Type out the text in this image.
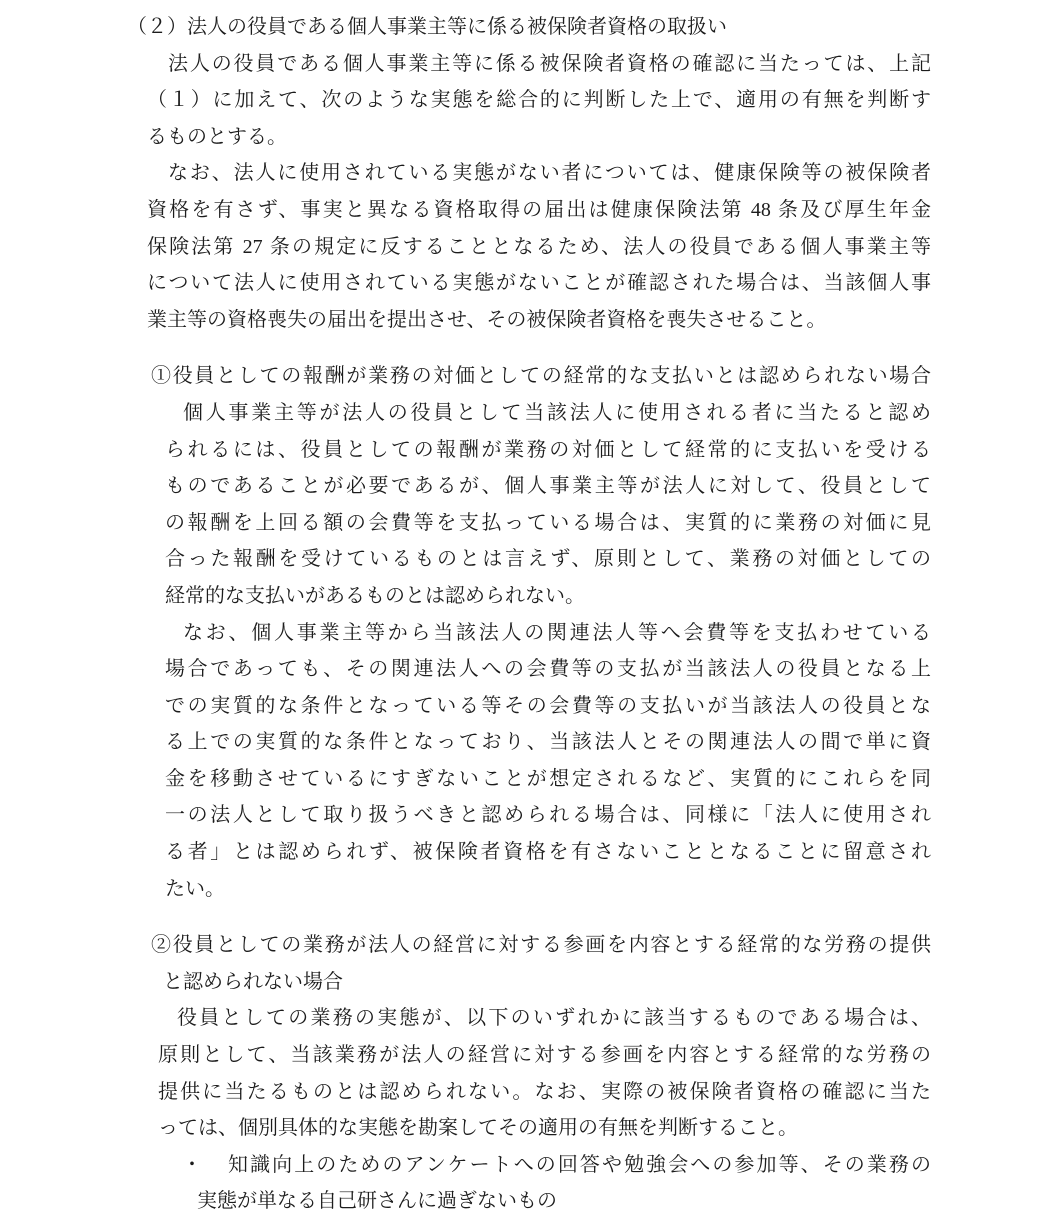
（２）法人の役員である個人事業主等に係る被保険者資格の取扱い
法人の役員である個人事業主等に係る被保険者資格の確認に当たっては、上記
（１）に加えて、次のような実態を総合的に判断した上で、適用の有無を判断す
るものとする。
なお、法人に使用されている実態がない者については、健康保険等の被保険者
資格を有さず、事実と異なる資格取得の届出は健康保険法第 48 条及び厚生年金
保険法第 27 条の規定に反することとなるため、法人の役員である個人事業主等
について法人に使用されている実態がないことが確認された場合は、当該個人事
業主等の資格喪失の届出を提出させ、その被保険者資格を喪失させること。
①役員としての報酬が業務の対価としての経常的な支払いとは認められない場合
個人事業主等が法人の役員として当該法人に使用される者に当たると認め
られるには、役員としての報酬が業務の対価として経常的に支払いを受ける
ものであることが必要であるが、個人事業主等が法人に対して、役員として
の報酬を上回る額の会費等を支払っている場合は、実質的に業務の対価に見
合った報酬を受けているものとは言えず、原則として、業務の対価としての
経常的な支払いがあるものとは認められない。
なお、個人事業主等から当該法人の関連法人等へ会費等を支払わせている
場合であっても、その関連法人への会費等の支払が当該法人の役員となる上
での実質的な条件となっている等その会費等の支払いが当該法人の役員とな
る上での実質的な条件となっており、当該法人とその関連法人の間で単に資
金を移動させているにすぎないことが想定されるなど、実質的にこれらを同
一の法人として取り扱うべきと認められる場合は、同様に「法人に使用され
る者」とは認められず、被保険者資格を有さないこととなることに留意され
たい。
②役員としての業務が法人の経営に対する参画を内容とする経常的な労務の提供
と認められない場合
役員としての業務の実態が、以下のいずれかに該当するものである場合は、
原則として、当該業務が法人の経営に対する参画を内容とする経常的な労務の
提供に当たるものとは認められない。なお、実際の被保険者資格の確認に当た
っては、個別具体的な実態を勘案してその適用の有無を判断すること。
・ 知識向上のためのアンケートへの回答や勉強会への参加等、その業務の
実態が単なる自己研さんに過ぎないもの
